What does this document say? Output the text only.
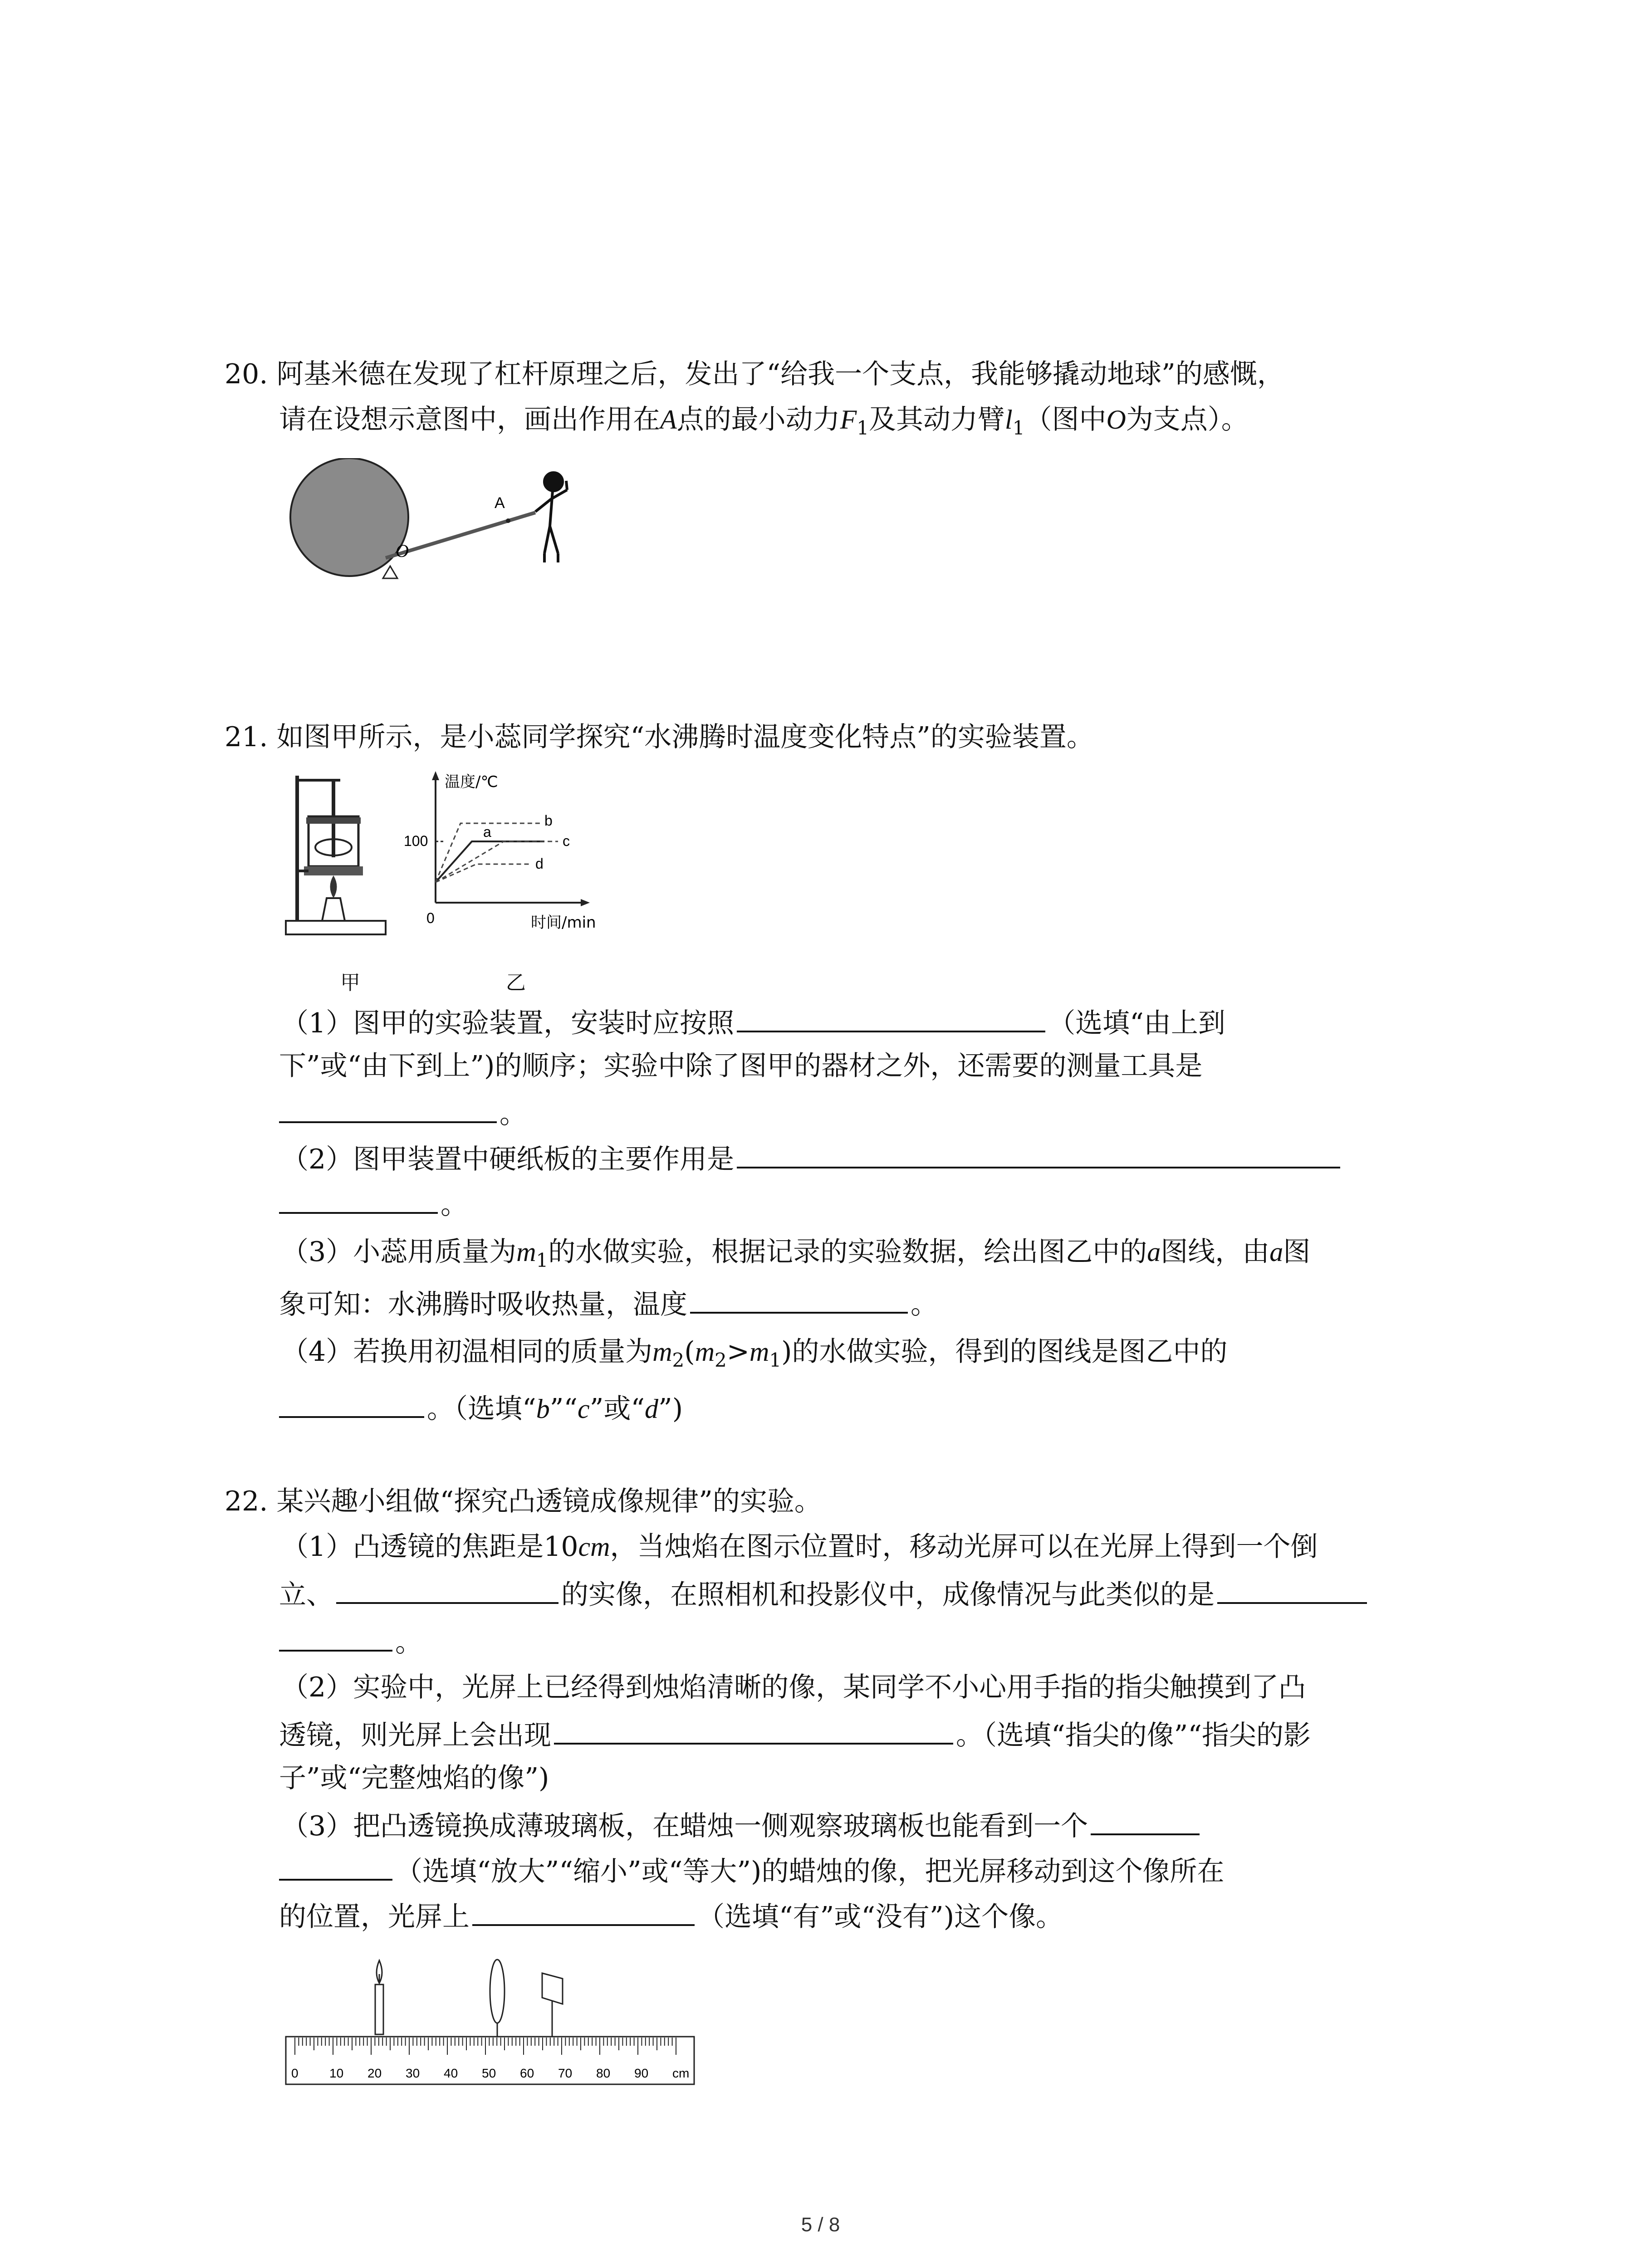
20. 阿基米德在发现了杠杆原理之后，发出了“给我一个支点，我能够撬动地球”的感慨，
请在设想示意图中，画出作用在A点的最小动力$F_1$及其动力臂$l_1$（图中O为支点）。
O
A
21. 如图甲所示，是小蕊同学探究“水沸腾时温度变化特点”的实验装置。
温度/℃
时间/min
100
0
a
b
c
d
甲	乙
（1）图甲的实验装置，安装时应按照	（选填“由上到
下”或“由下到上”)的顺序；实验中除了图甲的器材之外，还需要的测量工具是
。
（2）图甲装置中硬纸板的主要作用是
。
（3）小蕊用质量为$m_1$的水做实验，根据记录的实验数据，绘出图乙中的a图线，由a图
象可知：水沸腾时吸收热量，温度	。
（4）若换用初温相同的质量为$m_2(m_2>m_1)$的水做实验，得到的图线是图乙中的
。（选填“b”“c”或“d”)
22. 某兴趣小组做“探究凸透镜成像规律”的实验。
（1）凸透镜的焦距是10cm，当烛焰在图示位置时，移动光屏可以在光屏上得到一个倒
立、	的实像，在照相机和投影仪中，成像情况与此类似的是
。
（2）实验中，光屏上已经得到烛焰清晰的像，某同学不小心用手指的指尖触摸到了凸
透镜，则光屏上会出现	。（选填“指尖的像”“指尖的影
子”或“完整烛焰的像”)
（3）把凸透镜换成薄玻璃板，在蜡烛一侧观察玻璃板也能看到一个
（选填“放大”“缩小”或“等大”)的蜡烛的像，把光屏移动到这个像所在
的位置，光屏上	（选填“有”或“没有”)这个像。
0 10 20 30 40 50 60 70 80 90 cm
5 / 8
